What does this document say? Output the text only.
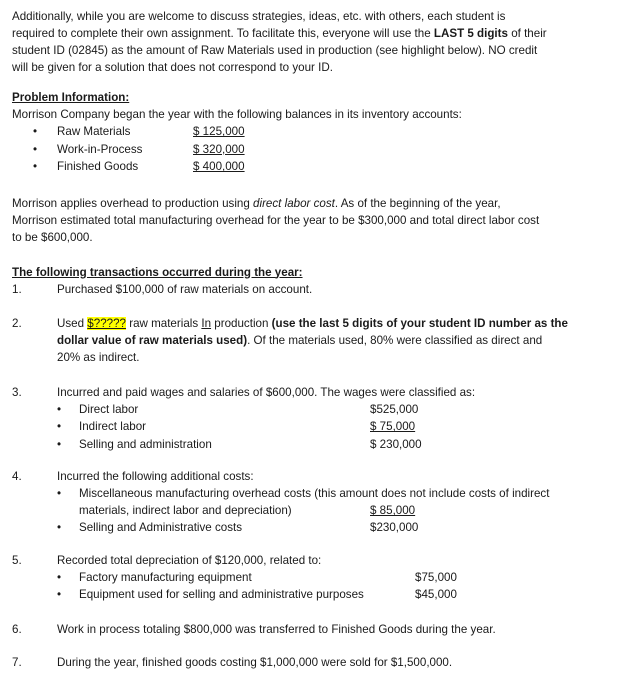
Additionally, while you are welcome to discuss strategies, ideas, etc. with others, each student is

required to complete their own assignment. To facilitate this, everyone will use the LAST 5 digits of their

student ID (02845) as the amount of Raw Materials used in production (see highlight below). NO credit

will be given for a solution that does not correspond to your ID.

Problem Information:

Morrison Company began the year with the following balances in its inventory accounts:

• Raw Materials	$ 125,000
• Work-in-Process	$ 320,000
• Finished Goods	$ 400,000

Morrison applies overhead to production using direct labor cost. As of the beginning of the year,

Morrison estimated total manufacturing overhead for the year to be $300,000 and total direct labor cost

to be $600,000.

The following transactions occurred during the year:

1.	Purchased $100,000 of raw materials on account.

2.	Used $????? raw materials In production (use the last 5 digits of your student ID number as the

dollar value of raw materials used). Of the materials used, 80% were classified as direct and

20% as indirect.

3.	Incurred and paid wages and salaries of $600,000. The wages were classified as:

• Direct labor	$525,000
• Indirect labor	$ 75,000
• Selling and administration	$ 230,000
4.	Incurred the following additional costs:

• Miscellaneous manufacturing overhead costs (this amount does not include costs of indirect

materials, indirect labor and depreciation)	$ 85,000

• Selling and Administrative costs	$230,000
5.	Recorded total depreciation of $120,000, related to:

• Factory manufacturing equipment	$75,000
• Equipment used for selling and administrative purposes	$45,000
6.	Work in process totaling $800,000 was transferred to Finished Goods during the year.

7.	During the year, finished goods costing $1,000,000 were sold for $1,500,000.
